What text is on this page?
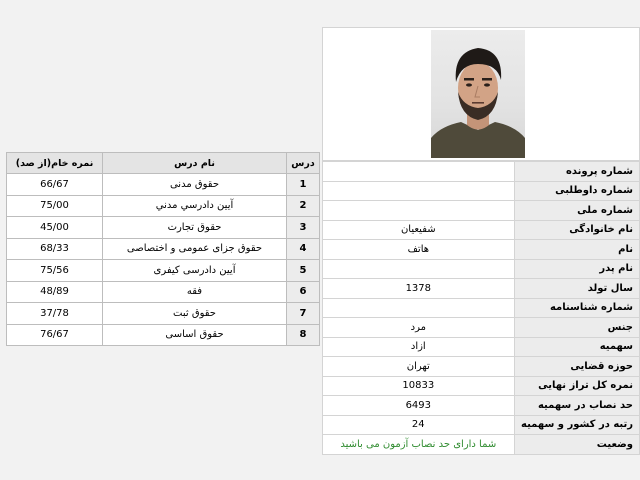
	شماره پرونده
	شماره داوطلبی
	شماره ملی
شفیعیان	نام خانوادگی
هاتف	نام
	نام پدر
1378	سال تولد
	شماره شناسنامه
مرد	جنس
ازاد	سهمیه
تهران	حوزه قضایی
10833	نمره کل تراز نهایی
6493	حد نصاب در سهمیه
24	رتبه در کشور و سهمیه
شما دارای حد نصاب آزمون می باشید	وضعیت
نمره خام(از صد)	نام درس	درس
66/67	حقوق مدنی	1
75/00	آیین دادرسي مدني	2
45/00	حقوق تجارت	3
68/33	حقوق جزای عمومی و اختصاصی	4
75/56	آیین دادرسی کیفری	5
48/89	فقه	6
37/78	حقوق ثبت	7
76/67	حقوق اساسی	8
